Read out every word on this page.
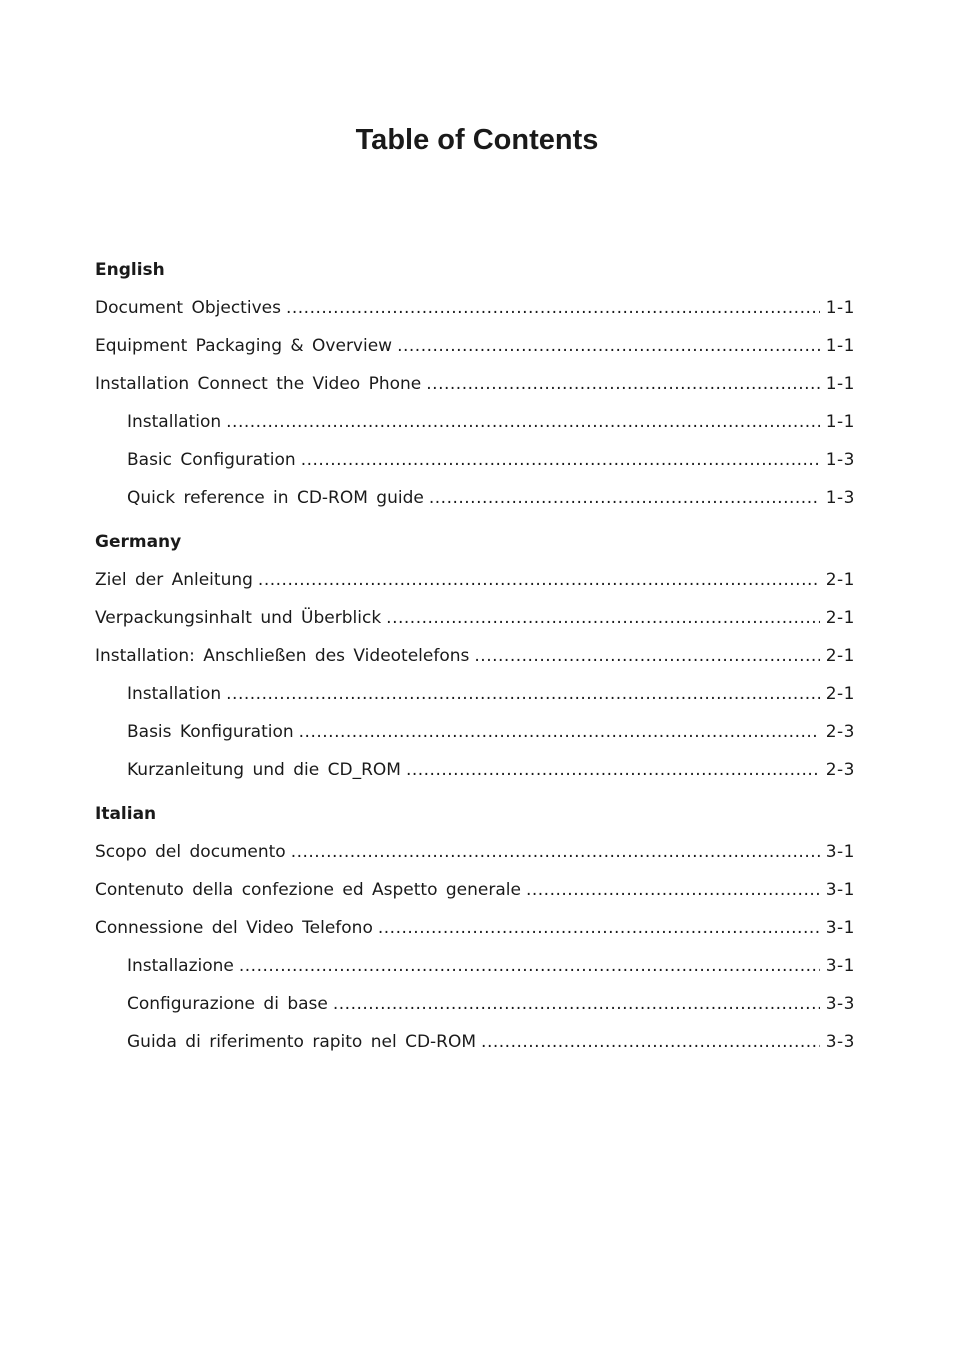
Table of Contents
English
Document Objectives .....	1-1
Equipment Packaging & Overview .....	1-1
Installation Connect the Video Phone .....	1-1
Installation .....	1-1
Basic Configuration .....	1-3
Quick reference in CD-ROM guide .....	1-3
Germany
Ziel der Anleitung .....	2-1
Verpackungsinhalt und Überblick .....	2-1
Installation: Anschließen des Videotelefons .....	2-1
Installation .....	2-1
Basis Konfiguration .....	2-3
Kurzanleitung und die CD_ROM .....	2-3
Italian
Scopo del documento .....	3-1
Contenuto della confezione ed Aspetto generale .....	3-1
Connessione del Video Telefono .....	3-1
Installazione .....	3-1
Configurazione di base .....	3-3
Guida di riferimento rapito nel CD-ROM .....	3-3
